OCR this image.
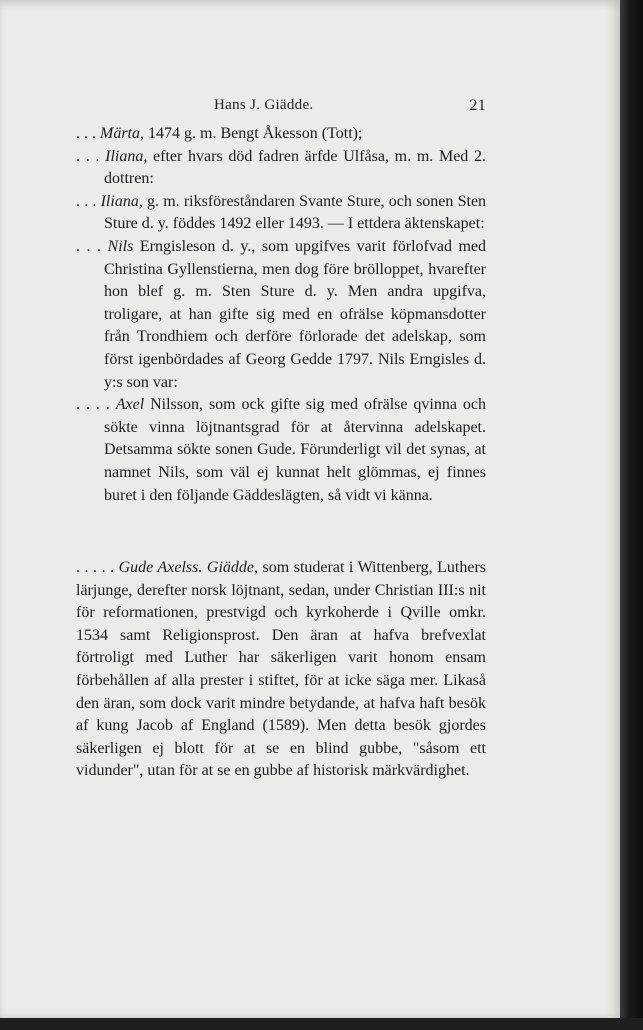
Hans J. Giädde.	21

. . . Märta, 1474 g. m. Bengt Åkesson (Tott);

. . . Iliana, efter hvars död fadren ärfde Ulfåsa, m. m. Med 2. dottren:

. . . Iliana, g. m. riksföreståndaren Svante Sture, och sonen Sten Sture d. y. föddes 1492 eller 1493. — I ettdera äktenskapet:

. . . Nils Erngisleson d. y., som upgifves varit förlofvad med Christina Gyllenstierna, men dog före bröllоppet, hvarefter hon blef g. m. Sten Sture d. y. Men andra upgifva, troligare, at han gifte sig med en ofrälse köpmansdotter från Trondhiem och derföre förlorade det adelskap, som först igenbördades af Georg Gedde 1797. Nils Erngisles d. y:s son var:

. . . . Axel Nilsson, som ock gifte sig med ofrälse qvinna och sökte vinna löjtnantsgrad för at återvinna adelskapet. Detsamma sökte sonen Gude. Förunderligt vil det synas, at namnet Nils, som väl ej kunnat helt glömmas, ej finnes buret i den följande Gäddeslägten, så vidt vi känna.

. . . . . Gude Axelss. Giädde, som studerat i Wittenberg, Luthers lärjunge, derefter norsk löjtnant, sedan, under Christian III:s nit för reformationen, prestvigd och kyrkoherde i Qville omkr. 1534 samt Religionsprost. Den äran at hafva brefvexlat förtroligt med Luther har säkerligen varit honom ensam förbehållen af alla prester i stiftet, för at icke säga mer. Likaså den äran, som dock varit mindre betydande, at hafva haft besök af kung Jacob af England (1589). Men detta besök gjordes säkerligen ej blott för at se en blind gubbe, "såsom ett vidunder", utan för at se en gubbe af historisk märkvärdighet.
